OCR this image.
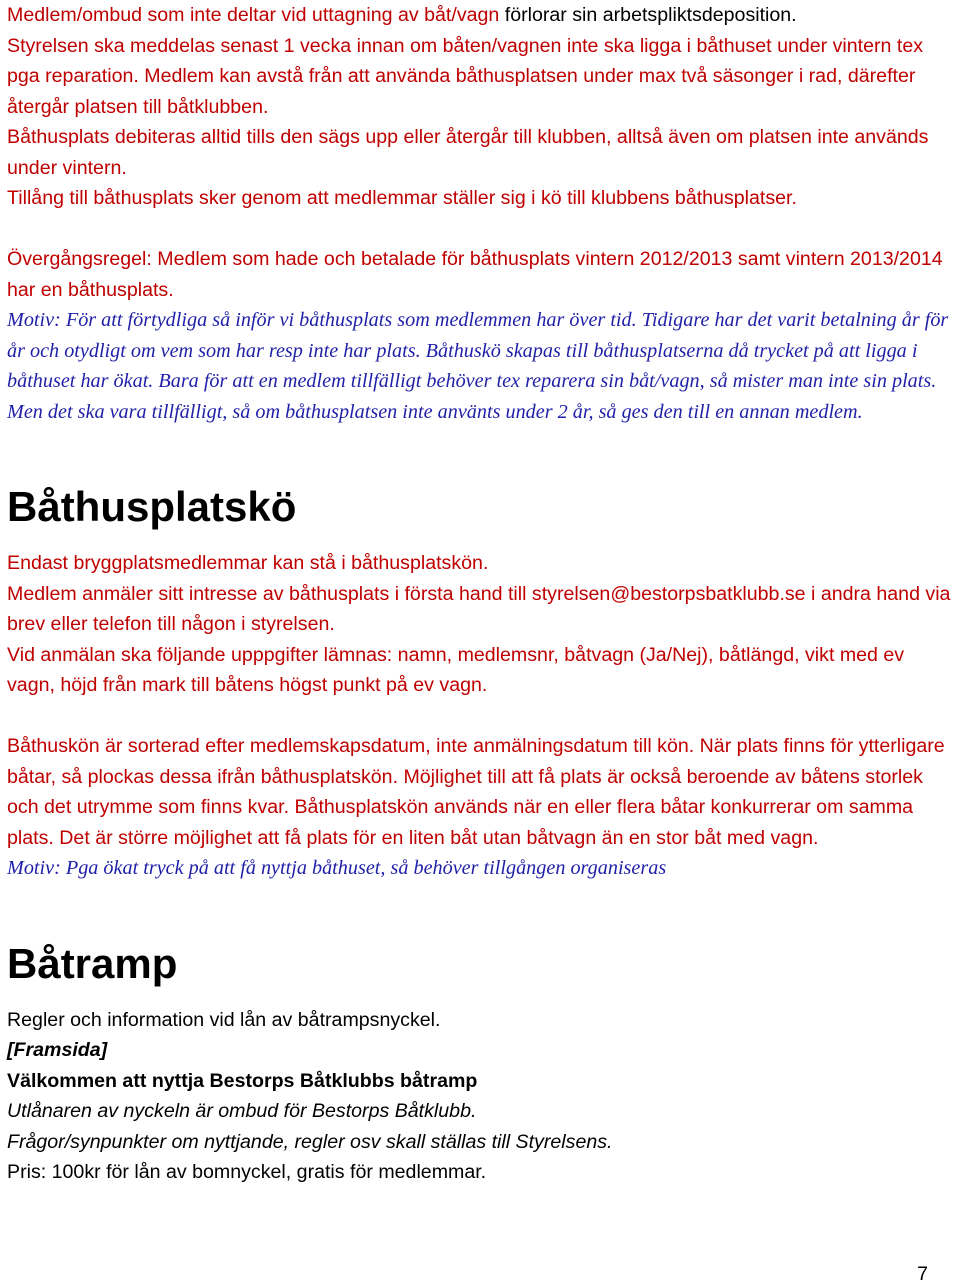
Medlem/ombud som inte deltar vid uttagning av båt/vagn förlorar sin arbetspliktsdeposition.
Styrelsen ska meddelas senast 1 vecka innan om båten/vagnen inte ska ligga i båthuset under vintern tex pga reparation. Medlem kan avstå från att använda båthusplatsen under max två säsonger i rad, därefter återgår platsen till båtklubben.
Båthusplats debiteras alltid tills den sägs upp eller återgår till klubben, alltså även om platsen inte används under vintern.
Tillång till båthusplats sker genom att medlemmar ställer sig i kö till klubbens båthusplatser.

Övergångsregel: Medlem som hade och betalade för båthusplats vintern 2012/2013 samt vintern 2013/2014 har en båthusplats.

Motiv: För att förtydliga så inför vi båthusplats som medlemmen har över tid. Tidigare har det varit betalning år för år och otydligt om vem som har resp inte har plats. Båthuskö skapas till båthusplatserna då trycket på att ligga i båthuset har ökat. Bara för att en medlem tillfälligt behöver tex reparera sin båt/vagn, så mister man inte sin plats. Men det ska vara tillfälligt, så om båthusplatsen inte använts under 2 år, så ges den till en annan medlem.

Båthusplatskö

Endast bryggplatsmedlemmar kan stå i båthusplatskön.

Medlem anmäler sitt intresse av båthusplats i första hand till styrelsen@bestorpsbatklubb.se i andra hand via brev eller telefon till någon i styrelsen.

Vid anmälan ska följande upppgifter lämnas: namn, medlemsnr, båtvagn (Ja/Nej), båtlängd, vikt med ev vagn, höjd från mark till båtens högst punkt på ev vagn.

Båthuskön är sorterad efter medlemskapsdatum, inte anmälningsdatum till kön. När plats finns för ytterligare båtar, så plockas dessa ifrån båthusplatskön. Möjlighet till att få plats är också beroende av båtens storlek och det utrymme som finns kvar. Båthusplatskön används när en eller flera båtar konkurrerar om samma plats. Det är större möjlighet att få plats för en liten båt utan båtvagn än en stor båt med vagn.

Motiv: Pga ökat tryck på att få nyttja båthuset, så behöver tillgången organiseras

Båtramp

Regler och information vid lån av båtrampsnyckel.

[Framsida]

Välkommen att nyttja Bestorps Båtklubbs båtramp

Utlånaren av nyckeln är ombud för Bestorps Båtklubb.

Frågor/synpunkter om nyttjande, regler osv skall ställas till Styrelsens.

Pris: 100kr för lån av bomnyckel, gratis för medlemmar.

7
